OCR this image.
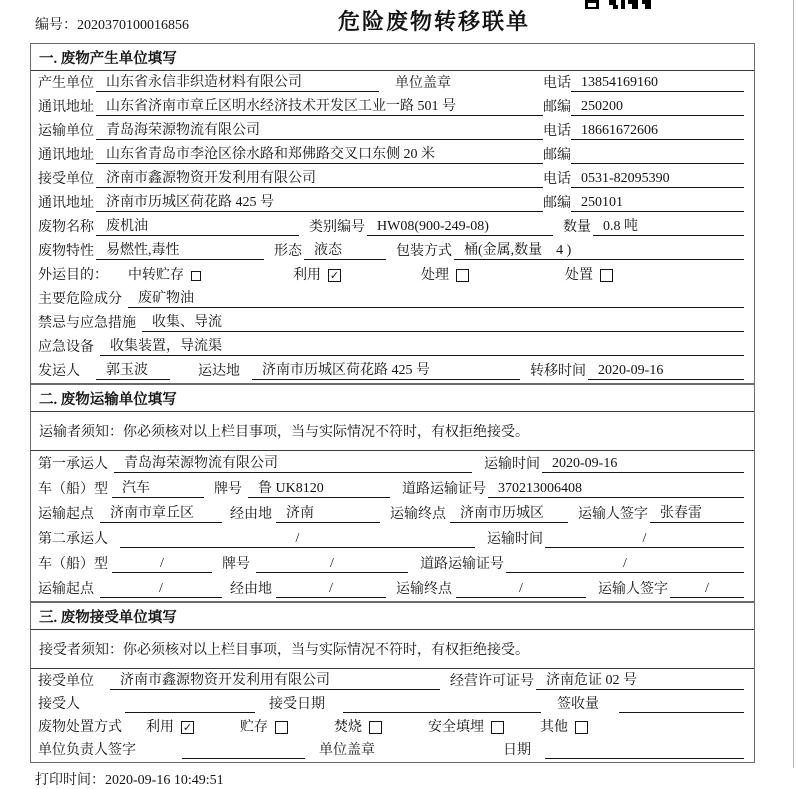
编号：2020370100016856	危险废物转移联单
一. 废物产生单位填写
产生单位 山东省永信非织造材料有限公司	单位盖章	电话 13854169160
通讯地址 山东省济南市章丘区明水经济技术开发区工业一路 501 号	邮编 250200
运输单位 青岛海荣源物流有限公司	电话 18661672606
通讯地址 山东省青岛市李沧区徐水路和郑佛路交叉口东侧 20 米	邮编
接受单位 济南市鑫源物资开发利用有限公司	电话 0531-82095390
通讯地址 济南市历城区荷花路 425 号	邮编 250101
废物名称 废机油	类别编号 HW08(900-249-08)	数量 0.8 吨
废物特性 易燃性,毒性	形态 液态	包装方式 桶(金属,数量　4 )
外运目的： 中转贮存	利用 ✓	处理	处置
主要危险成分	废矿物油
禁忌与应急措施	收集、导流
应急设备	收集装置，导流渠
发运人	郭玉波	运达地	济南市历城区荷花路 425 号	转移时间 2020-09-16
二. 废物运输单位填写
运输者须知：你必须核对以上栏目事项，当与实际情况不符时，有权拒绝接受。
第一承运人	青岛海荣源物流有限公司	运输时间 2020-09-16
车（船）型	汽车	牌号	鲁 UK8120	道路运输证号 370213006408
运输起点	济南市章丘区	经由地	济南	运输终点	济南市历城区	运输人签字 张春雷
第二承运人	/	运输时间	/
车（船）型	/	牌号	/	道路运输证号	/
运输起点	/	经由地	/	运输终点	/	运输人签字	/
三. 废物接受单位填写
接受者须知：你必须核对以上栏目事项，当与实际情况不符时，有权拒绝接受。
接受单位	济南市鑫源物资开发利用有限公司	经营许可证号 济南危证 02 号
接受人	接受日期	签收量
废物处置方式 利用 ✓	贮存	焚烧	安全填埋	其他
单位负责人签字	单位盖章	日期
打印时间：2020-09-16 10:49:51
